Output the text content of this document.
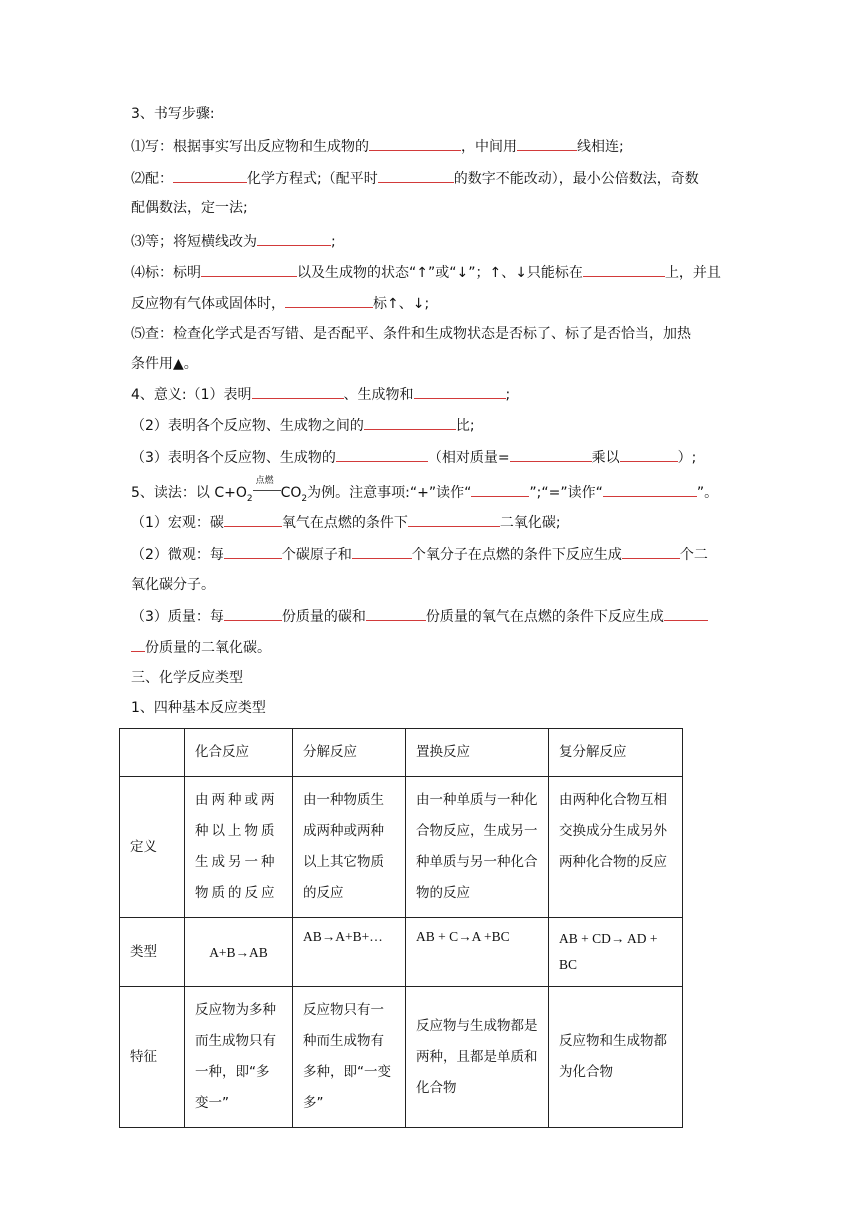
3、书写步骤:
⑴写：根据事实写出反应物和生成物的	，中间用	线相连;
⑵配：	化学方程式;（配平时	的数字不能改动），最小公倍数法，奇数
配偶数法，定一法;
⑶等；将短横线改为	;
⑷标：标明	以及生成物的状态“↑”或“↓”；↑、↓只能标在	上，并且
反应物有气体或固体时，	标↑、↓;
⑸查：检查化学式是否写错、是否配平、条件和生成物状态是否标了、标了是否恰当，加热
条件用▲。
4、意义:（1）表明	、生成物和	;
（2）表明各个反应物、生成物之间的	比;
（3）表明各个反应物、生成物的	（相对质量=	乘以	）;
5、读法：以 $C+O_2$
点燃
$CO_2$为例。注意事项:“+”读作“	”;“=”读作“	”。
（1）宏观：碳	氧气在点燃的条件下	二氧化碳;
（2）微观：每	个碳原子和	个氧分子在点燃的条件下反应生成	个二
氧化碳分子。
（3）质量：每	份质量的碳和	份质量的氧气在点燃的条件下反应生成
份质量的二氧化碳。
三、化学反应类型
1、四种基本反应类型
	化合反应	分解反应	置换反应	复分解反应
定义	由两种或两种以上物质生成另一种物质的反应	由一种物质生成两种或两种以上其它物质的反应	由一种单质与一种化合物反应，生成另一种单质与另一种化合物的反应	由两种化合物互相交换成分生成另外两种化合物的反应
类型	A+B→AB	AB→A+B+…	AB + C→A +BC	AB + CD→ AD + BC
特征	反应物为多种而生成物只有一种，即“多变一”	反应物只有一种而生成物有多种，即“一变多”	反应物与生成物都是两种，且都是单质和化合物	反应物和生成物都为化合物
